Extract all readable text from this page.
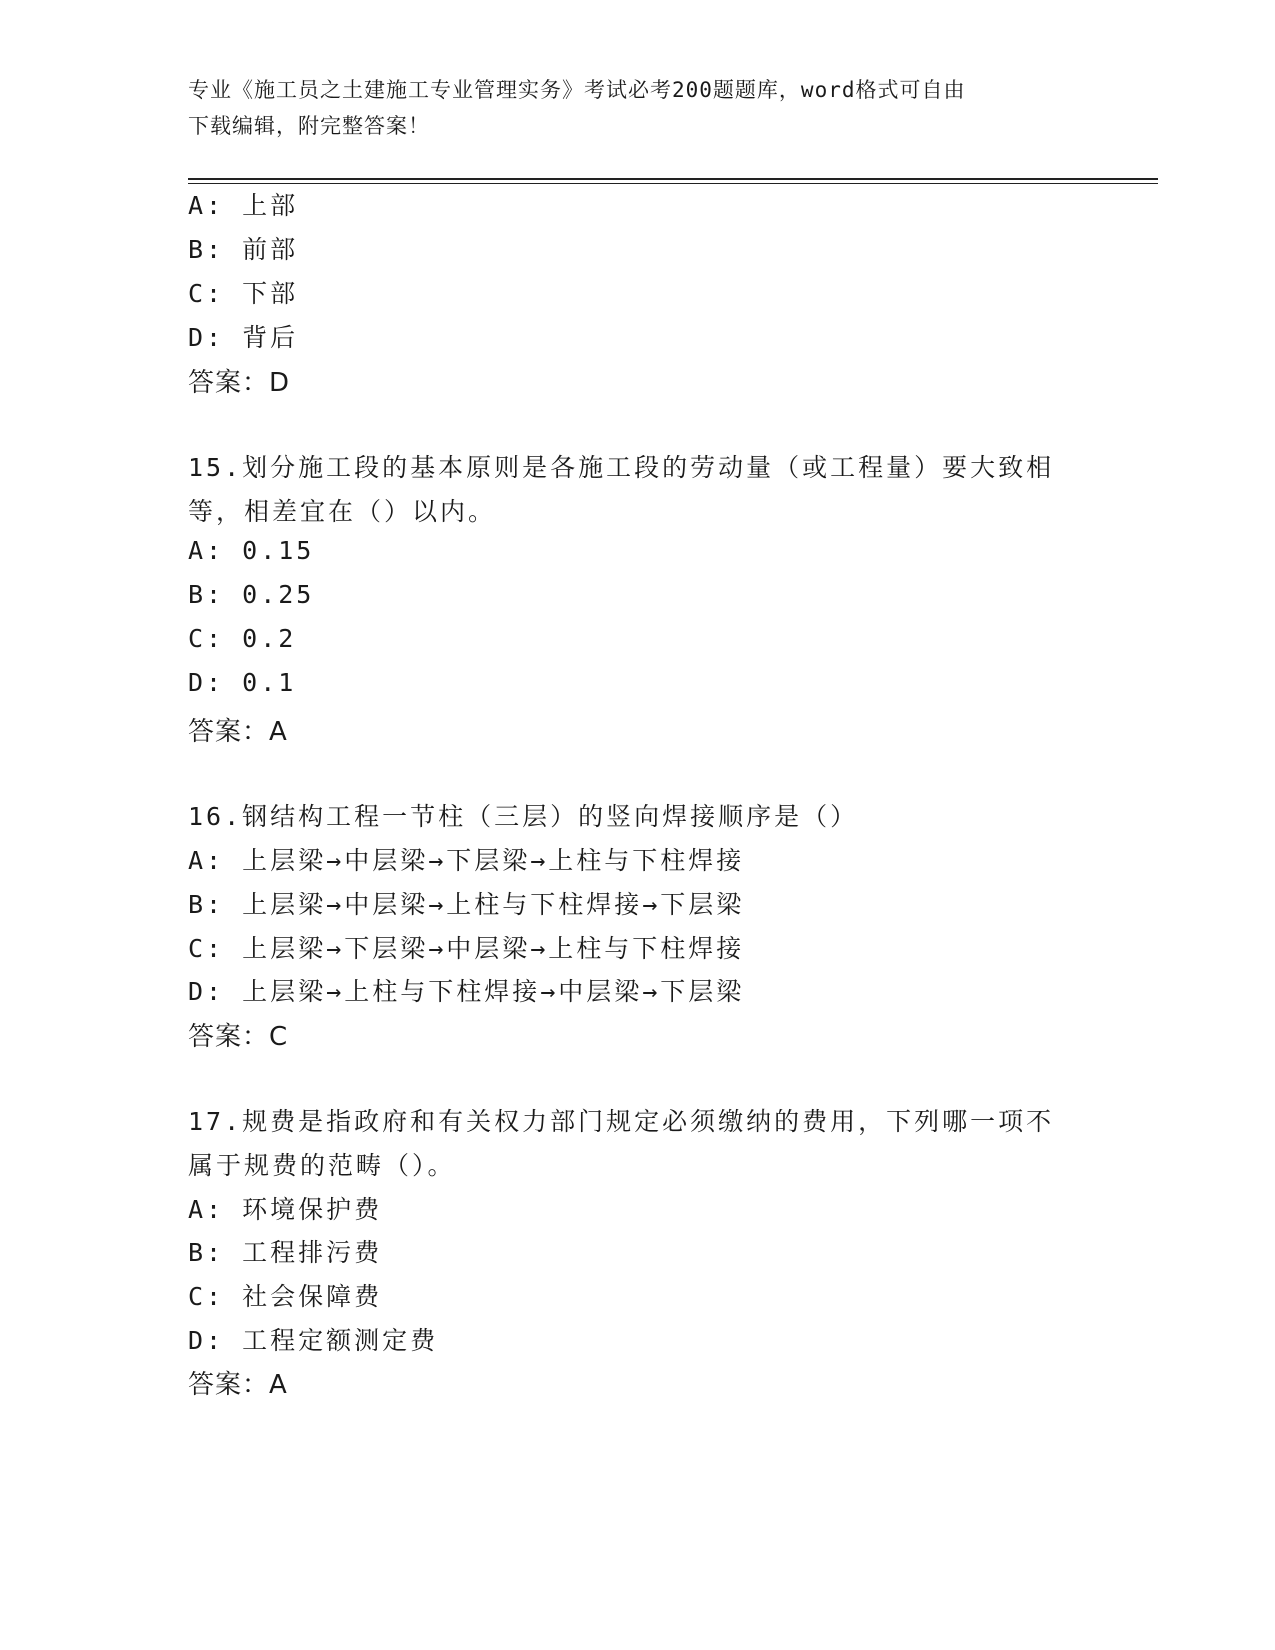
专业《施工员之土建施工专业管理实务》考试必考200题题库，word格式可自由
下载编辑，附完整答案！
A: 上部
B: 前部
C: 下部
D: 背后
答案：D
15.划分施工段的基本原则是各施工段的劳动量（或工程量）要大致相
等，相差宜在（）以内。
A: 0.15
B: 0.25
C: 0.2
D: 0.1
答案：A
16.钢结构工程一节柱（三层）的竖向焊接顺序是（）
A: 上层梁→中层梁→下层梁→上柱与下柱焊接
B: 上层梁→中层梁→上柱与下柱焊接→下层梁
C: 上层梁→下层梁→中层梁→上柱与下柱焊接
D: 上层梁→上柱与下柱焊接→中层梁→下层梁
答案：C
17.规费是指政府和有关权力部门规定必须缴纳的费用，下列哪一项不
属于规费的范畴（）。
A: 环境保护费
B: 工程排污费
C: 社会保障费
D: 工程定额测定费
答案：A
